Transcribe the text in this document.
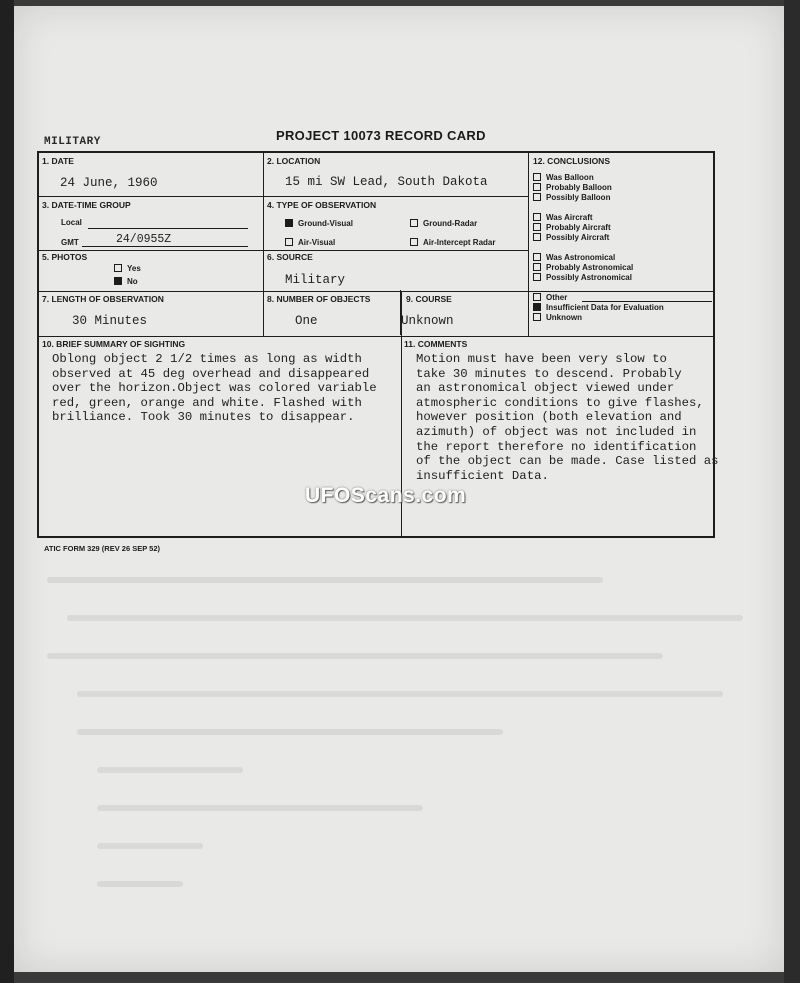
MILITARY	PROJECT 10073 RECORD CARD
1. DATE
24 June, 1960
2. LOCATION
15 mi SW Lead, South Dakota
3. DATE-TIME GROUP
Local
GMT	24/0955Z
4. TYPE OF OBSERVATION
Ground-Visual	Ground-Radar
Air-Visual	Air-Intercept Radar
5. PHOTOS
Yes
No
6. SOURCE
Military
7. LENGTH OF OBSERVATION
30 Minutes
8. NUMBER OF OBJECTS
One
9. COURSE
Unknown
10. BRIEF SUMMARY OF SIGHTING
Oblong object 2 1/2 times as long as width
observed at 45 deg overhead and disappeared
over the horizon.Object was colored variable
red, green, orange and white. Flashed with
brilliance. Took 30 minutes to disappear.
11. COMMENTS
Motion must have been very slow to
take 30 minutes to descend. Probably
an astronomical object viewed under
atmospheric conditions to give flashes,
however position (both elevation and
azimuth) of object was not included in
the report therefore no identification
of the object can be made. Case listed as
insufficient Data.
12. CONCLUSIONS
Was Balloon
Probably Balloon
Possibly Balloon
Was Aircraft
Probably Aircraft
Possibly Aircraft
Was Astronomical
Probably Astronomical
Possibly Astronomical
Other
Insufficient Data for Evaluation
Unknown
UFOScans.com
ATIC FORM 329 (REV 26 SEP 52)
